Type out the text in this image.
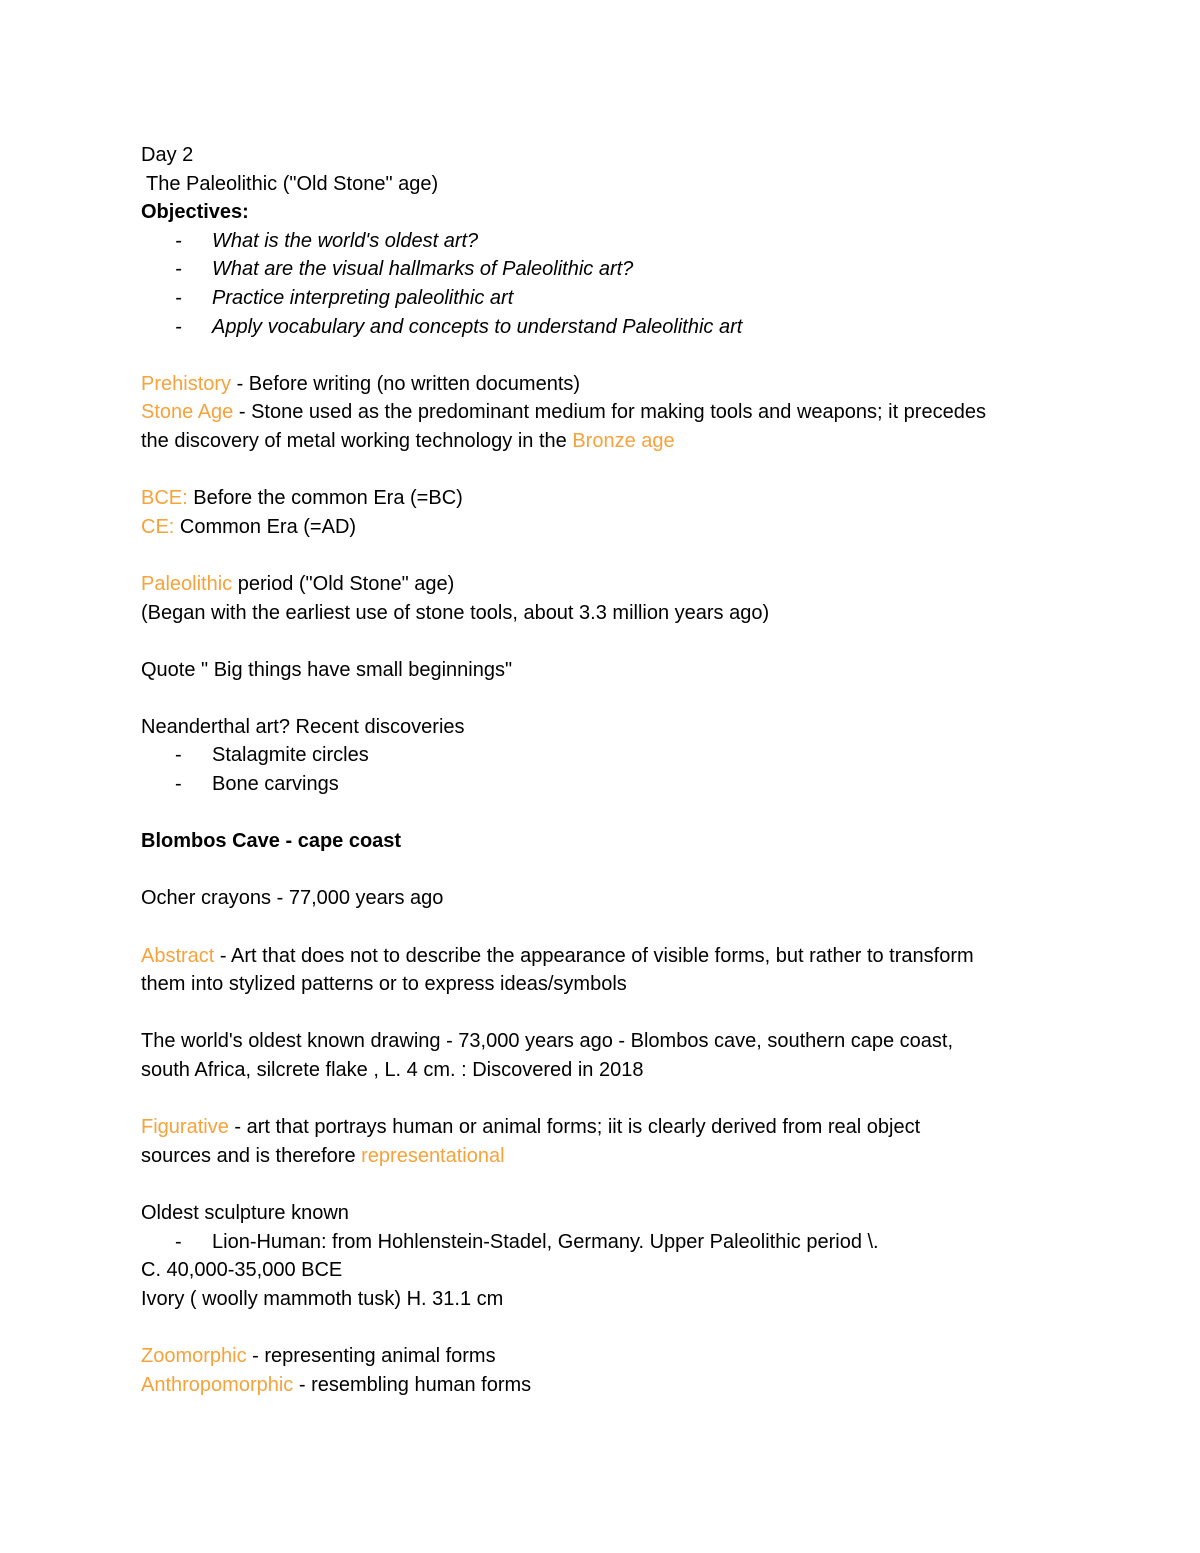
Day 2

The Paleolithic ("Old Stone" age)

Objectives:

- What is the world's oldest art?
- What are the visual hallmarks of Paleolithic art?
- Practice interpreting paleolithic art
- Apply vocabulary and concepts to understand Paleolithic art

Prehistory - Before writing (no written documents)

Stone Age - Stone used as the predominant medium for making tools and weapons; it precedes

the discovery of metal working technology in the Bronze age

BCE: Before the common Era (=BC)

CE: Common Era (=AD)

Paleolithic period ("Old Stone" age)

(Began with the earliest use of stone tools, about 3.3 million years ago)

Quote " Big things have small beginnings"

Neanderthal art? Recent discoveries

- Stalagmite circles
- Bone carvings

Blombos Cave - cape coast

Ocher crayons - 77,000 years ago

Abstract - Art that does not to describe the appearance of visible forms, but rather to transform

them into stylized patterns or to express ideas/symbols

The world's oldest known drawing - 73,000 years ago - Blombos cave, southern cape coast,

south Africa, silcrete flake , L. 4 cm. : Discovered in 2018

Figurative - art that portrays human or animal forms; iit is clearly derived from real object

sources and is therefore representational

Oldest sculpture known

- Lion-Human: from Hohlenstein-Stadel, Germany. Upper Paleolithic period \.

C. 40,000-35,000 BCE

Ivory ( woolly mammoth tusk) H. 31.1 cm

Zoomorphic - representing animal forms

Anthropomorphic - resembling human forms
